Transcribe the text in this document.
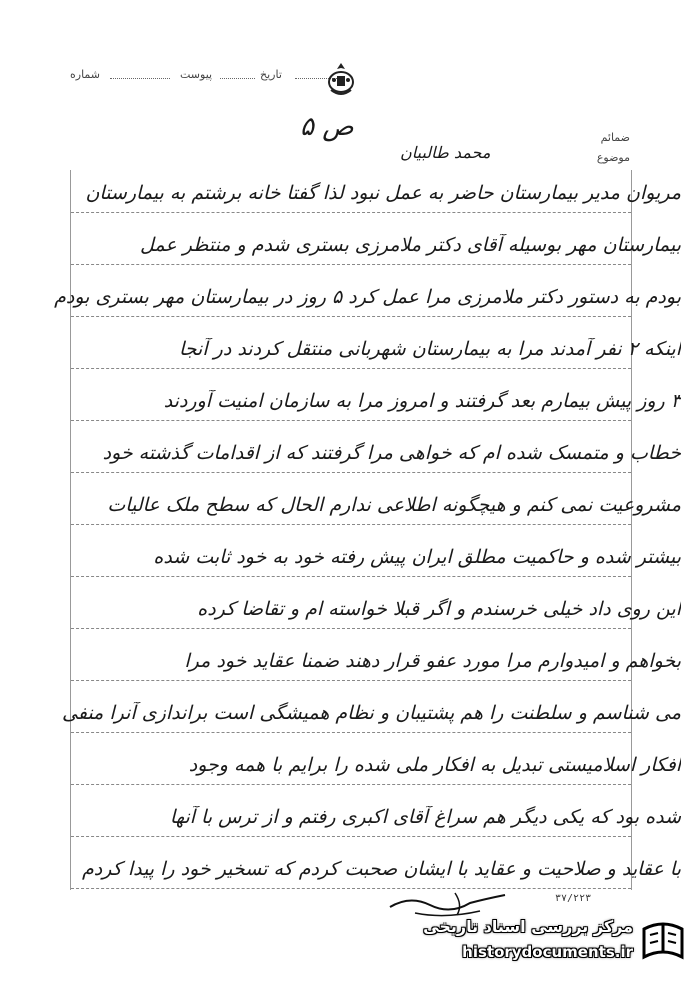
شماره	پیوست	تاریخ
ضمائم
موضوع
ص ۵
محمد طالبیان
مریوان مدیر بیمارستان حاضر به عمل نبود لذا گفتا خانه برشتم به بیمارستان
بیمارستان مهر بوسیله آقای دکتر ملامرزی بستری شدم و منتظر عمل
بودم به دستور دکتر ملامرزی مرا عمل کرد ۵ روز در بیمارستان مهر بستری بودم
اینکه ۲ نفر آمدند مرا به بیمارستان شهربانی منتقل کردند در آنجا
۳ روز پیش بیمارم بعد گرفتند و امروز مرا به سازمان امنیت آوردند
خطاب و متمسک شده ام که خواهی مرا گرفتند که از اقدامات گذشته خود
مشروعیت نمی کنم و هیچگونه اطلاعی ندارم الحال که سطح ملک عالیات
بیشتر شده و حاکمیت مطلق ایران پیش رفته خود به خود ثابت شده
این روی داد خیلی خرسندم و اگر قبلا خواسته ام و تقاضا کرده
بخواهم و امیدوارم مرا مورد عفو قرار دهند ضمنا عقاید خود مرا
می شناسم و سلطنت را هم پشتیبان و نظام همیشگی است براندازی آنرا منفی
افکار اسلامیستی تبدیل به افکار ملی شده را برایم با همه وجود
شده بود که یکی دیگر هم سراغ آقای اکبری رفتم و از ترس با آنها
با عقاید و صلاحیت و عقاید با ایشان صحبت کردم که تسخیر خود را پیدا کردم
۳۷/۲۲۳
مرکز بررسی اسناد تاریخی
historydocuments.ir
